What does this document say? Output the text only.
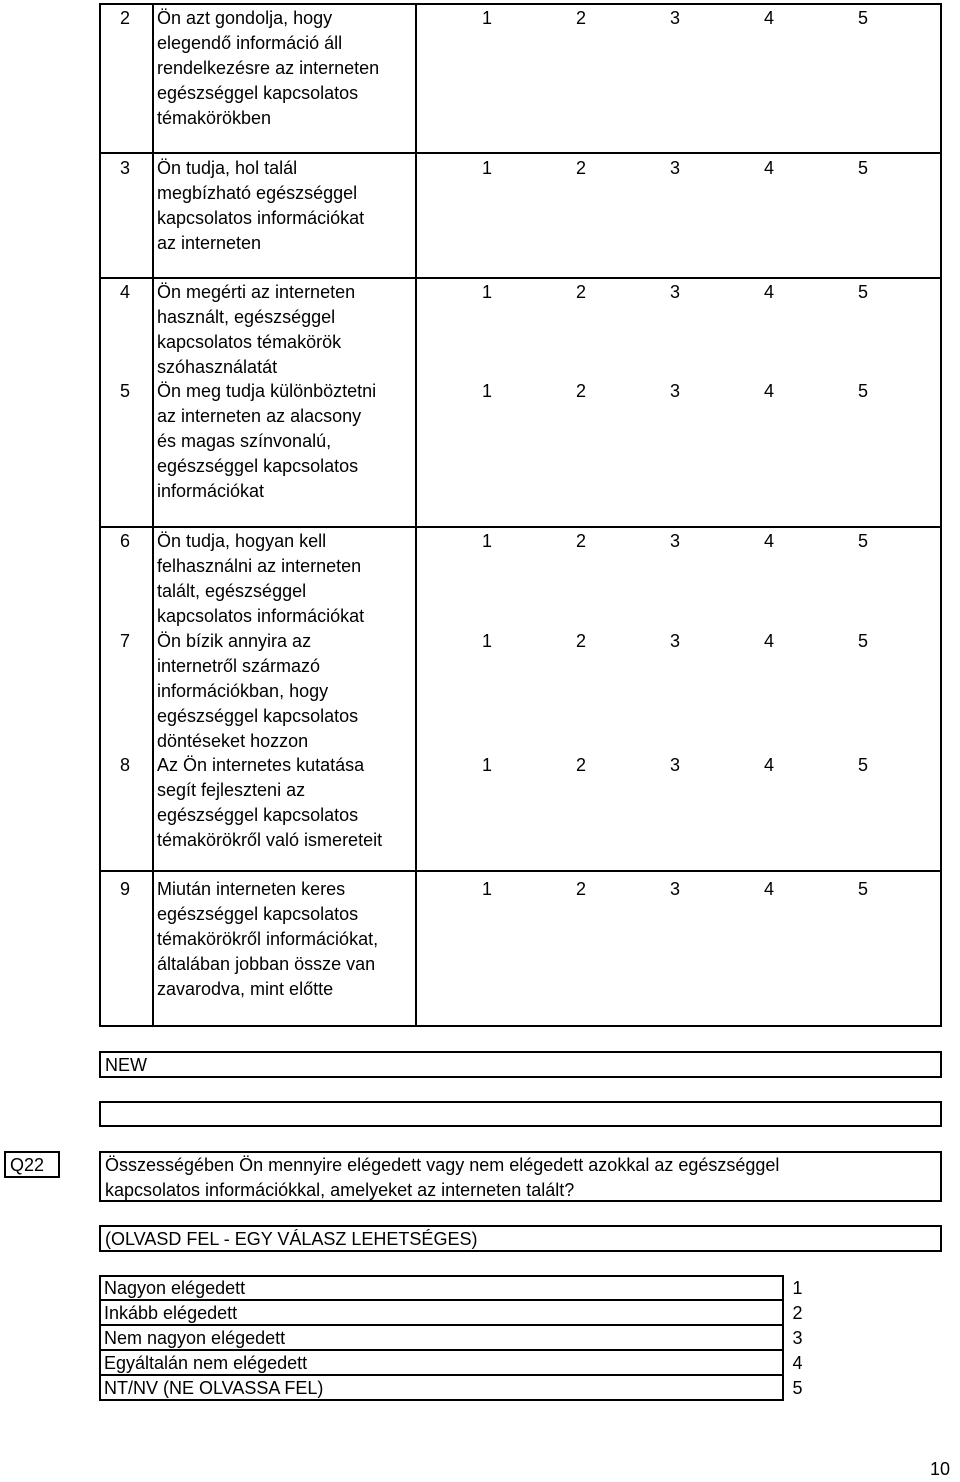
2 Ön azt gondolja, hogy
elegendő információ áll
rendelkezésre az interneten
egészséggel kapcsolatos
témakörökben
1	2	3	4	5
3 Ön tudja, hol talál
megbízható egészséggel
kapcsolatos információkat
az interneten
1	2	3	4	5
4 Ön megérti az interneten
használt, egészséggel
kapcsolatos témakörök
szóhasználatát
1	2	3	4	5
5 Ön meg tudja különböztetni
az interneten az alacsony
és magas színvonalú,
egészséggel kapcsolatos
információkat
1	2	3	4	5
6 Ön tudja, hogyan kell
felhasználni az interneten
talált, egészséggel
kapcsolatos információkat
1	2	3	4	5
7 Ön bízik annyira az
internetről származó
információkban, hogy
egészséggel kapcsolatos
döntéseket hozzon
1	2	3	4	5
8 Az Ön internetes kutatása
segít fejleszteni az
egészséggel kapcsolatos
témakörökről való ismereteit
1	2	3	4	5
9 Miután interneten keres
egészséggel kapcsolatos
témakörökről információkat,
általában jobban össze van
zavarodva, mint előtte
1	2	3	4	5
NEW
Q22	Összességében Ön mennyire elégedett vagy nem elégedett azokkal az egészséggel
kapcsolatos információkkal, amelyeket az interneten talált?
(OLVASD FEL - EGY VÁLASZ LEHETSÉGES)
Nagyon elégedett	1
Inkább elégedett	2
Nem nagyon elégedett	3
Egyáltalán nem elégedett	4
NT/NV (NE OLVASSA FEL)	5
10
